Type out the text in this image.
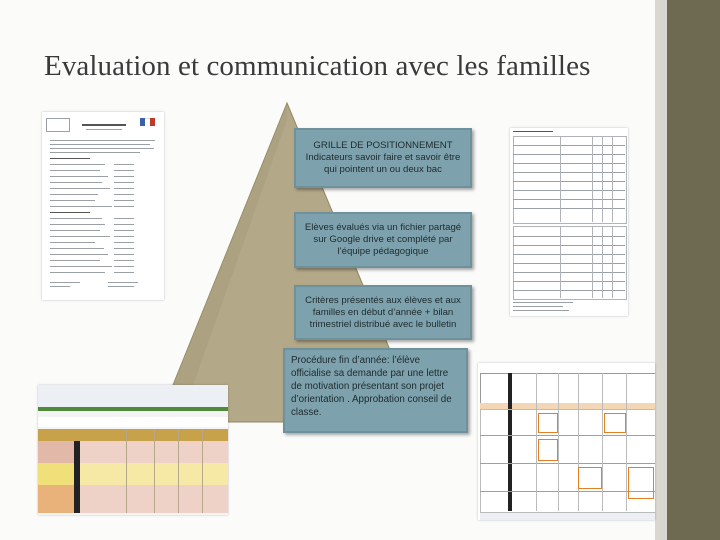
Evaluation et communication avec les familles
GRILLE DE POSITIONNEMENT Indicateurs savoir faire et savoir être qui pointent un ou deux bac
Elèves évalués via un fichier partagé sur Google drive et complété par l’équipe pédagogique
Critères présentés aux élèves et aux familles en début d’année + bilan trimestriel distribué avec le bulletin
Procédure fin d’année: l’élève officialise sa demande par une lettre de motivation présentant son projet d’orientation . Approbation conseil de classe.
